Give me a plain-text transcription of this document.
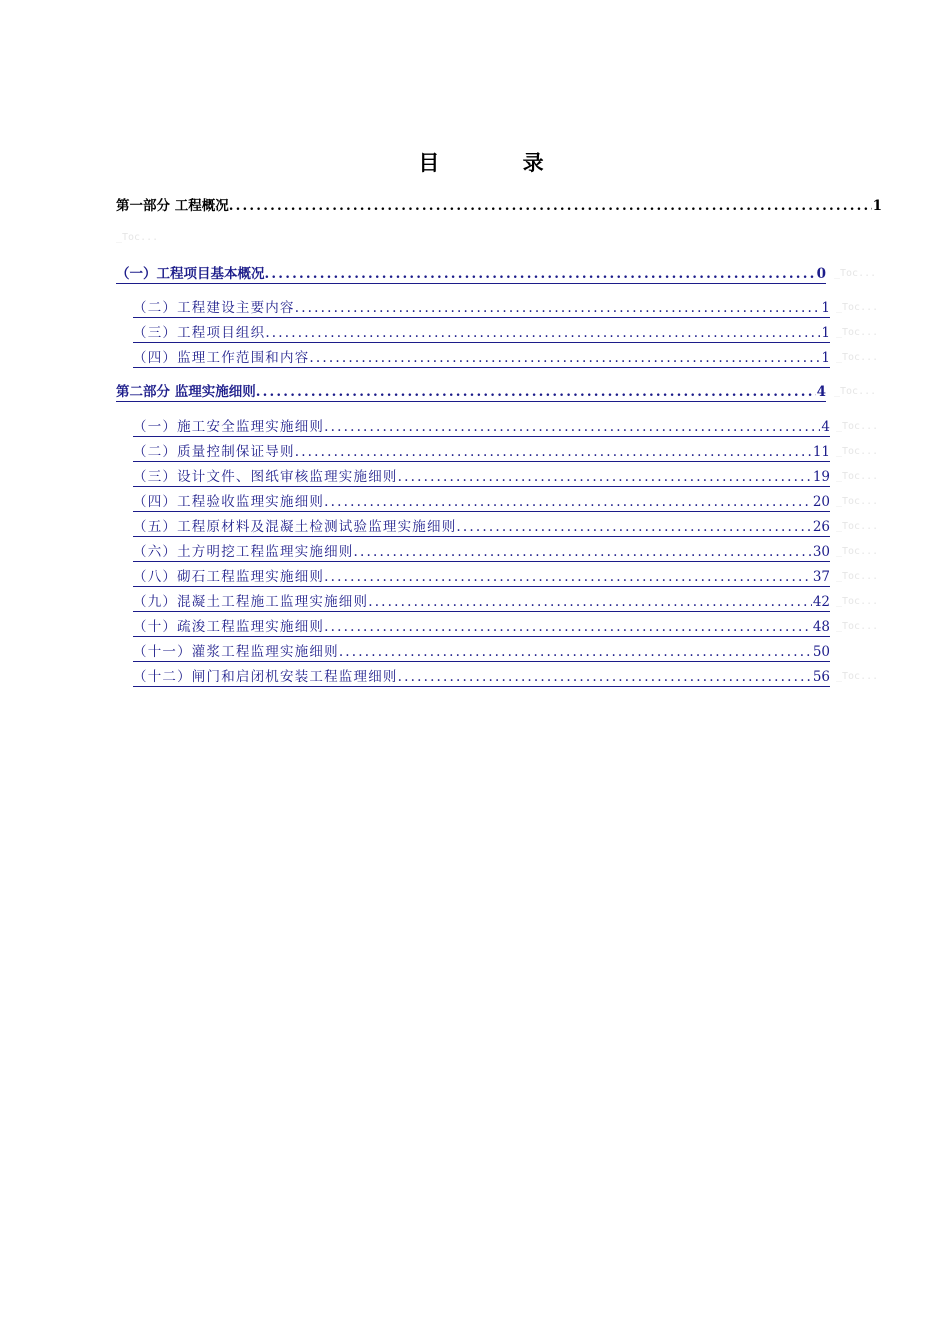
目 录
第一部分 工程概况 .....	1
_Toc...
（一）工程项目基本概况 .....	0 _Toc...
（二）工程建设主要内容 .....	1 _Toc...
（三）工程项目组织 .....	1 _Toc...
（四）监理工作范围和内容 .....	1 _Toc...
第二部分 监理实施细则 .....	4 _Toc...
（一）施工安全监理实施细则 .....	4 _Toc...
（二）质量控制保证导则 .....	11 _Toc...
（三）设计文件、图纸审核监理实施细则 .....	19 _Toc...
（四）工程验收监理实施细则 .....	20 _Toc...
（五）工程原材料及混凝土检测试验监理实施细则 .....	26 _Toc...
（六）土方明挖工程监理实施细则 .....	30 _Toc...
（八）砌石工程监理实施细则 .....	37 _Toc...
（九）混凝土工程施工监理实施细则 .....	42 _Toc...
（十）疏浚工程监理实施细则 .....	48 _Toc...
（十一）灌浆工程监理实施细则 .....	50
（十二）闸门和启闭机安装工程监理细则 .....	56 _Toc...
